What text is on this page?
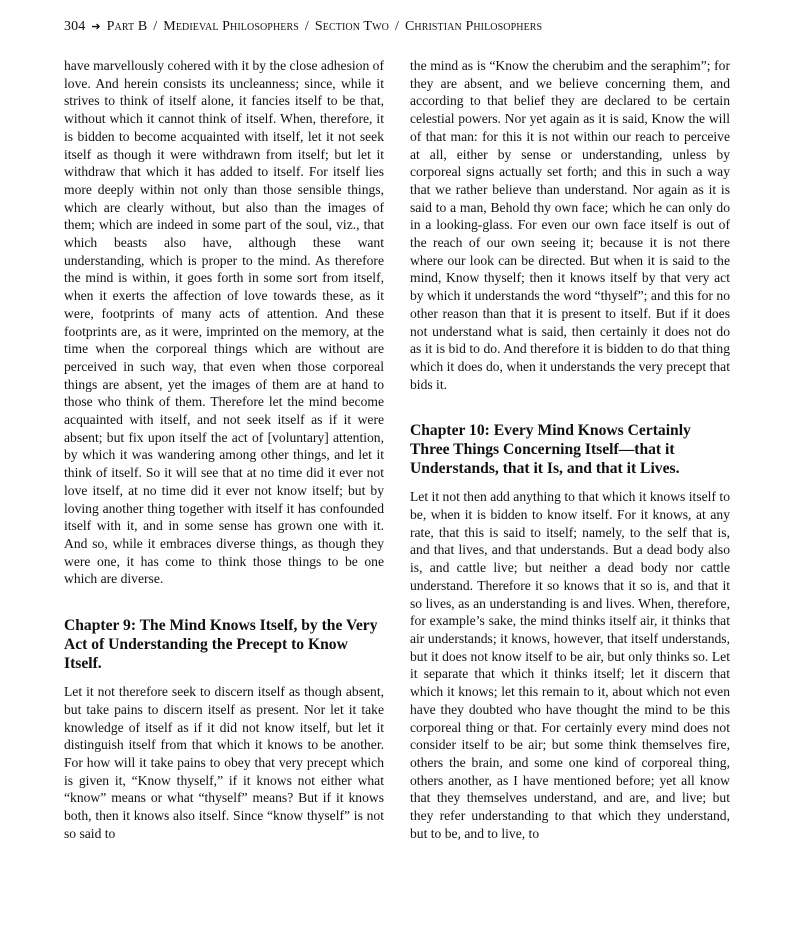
304 ➔ Part B / Medieval Philosophers / Section Two / Christian Philosophers

have marvellously cohered with it by the close adhesion of love. And herein consists its uncleanness; since, while it strives to think of itself alone, it fancies itself to be that, without which it cannot think of itself. When, therefore, it is bidden to become acquainted with itself, let it not seek itself as though it were withdrawn from itself; but let it withdraw that which it has added to itself. For itself lies more deeply within not only than those sensible things, which are clearly without, but also than the images of them; which are indeed in some part of the soul, viz., that which beasts also have, although these want understanding, which is proper to the mind. As therefore the mind is within, it goes forth in some sort from itself, when it exerts the affection of love towards these, as it were, footprints of many acts of attention. And these footprints are, as it were, imprinted on the memory, at the time when the corporeal things which are without are perceived in such way, that even when those corporeal things are absent, yet the images of them are at hand to those who think of them. Therefore let the mind become acquainted with itself, and not seek itself as if it were absent; but fix upon itself the act of [voluntary] attention, by which it was wandering among other things, and let it think of itself. So it will see that at no time did it ever not love itself, at no time did it ever not know itself; but by loving another thing together with itself it has confounded itself with it, and in some sense has grown one with it. And so, while it embraces diverse things, as though they were one, it has come to think those things to be one which are diverse.

Chapter 9: The Mind Knows Itself, by the Very Act of Understanding the Precept to Know Itself.

Let it not therefore seek to discern itself as though absent, but take pains to discern itself as present. Nor let it take knowledge of itself as if it did not know itself, but let it distinguish itself from that which it knows to be another. For how will it take pains to obey that very precept which is given it, “Know thyself,” if it knows not either what “know” means or what “thyself” means? But if it knows both, then it knows also itself. Since “know thyself” is not so said to

the mind as is “Know the cherubim and the seraphim”; for they are absent, and we believe concerning them, and according to that belief they are declared to be certain celestial powers. Nor yet again as it is said, Know the will of that man: for this it is not within our reach to perceive at all, either by sense or understanding, unless by corporeal signs actually set forth; and this in such a way that we rather believe than understand. Nor again as it is said to a man, Behold thy own face; which he can only do in a looking-glass. For even our own face itself is out of the reach of our own seeing it; because it is not there where our look can be directed. But when it is said to the mind, Know thyself; then it knows itself by that very act by which it understands the word “thyself”; and this for no other reason than that it is present to itself. But if it does not understand what is said, then certainly it does not do as it is bid to do. And therefore it is bidden to do that thing which it does do, when it understands the very precept that bids it.

Chapter 10: Every Mind Knows Certainly Three Things Concerning Itself—that it Understands, that it Is, and that it Lives.

Let it not then add anything to that which it knows itself to be, when it is bidden to know itself. For it knows, at any rate, that this is said to itself; namely, to the self that is, and that lives, and that understands. But a dead body also is, and cattle live; but neither a dead body nor cattle understand. Therefore it so knows that it so is, and that it so lives, as an understanding is and lives. When, therefore, for example’s sake, the mind thinks itself air, it thinks that air understands; it knows, however, that itself understands, but it does not know itself to be air, but only thinks so. Let it separate that which it thinks itself; let it discern that which it knows; let this remain to it, about which not even have they doubted who have thought the mind to be this corporeal thing or that. For certainly every mind does not consider itself to be air; but some think themselves fire, others the brain, and some one kind of corporeal thing, others another, as I have mentioned before; yet all know that they themselves understand, and are, and live; but they refer understanding to that which they understand, but to be, and to live, to
